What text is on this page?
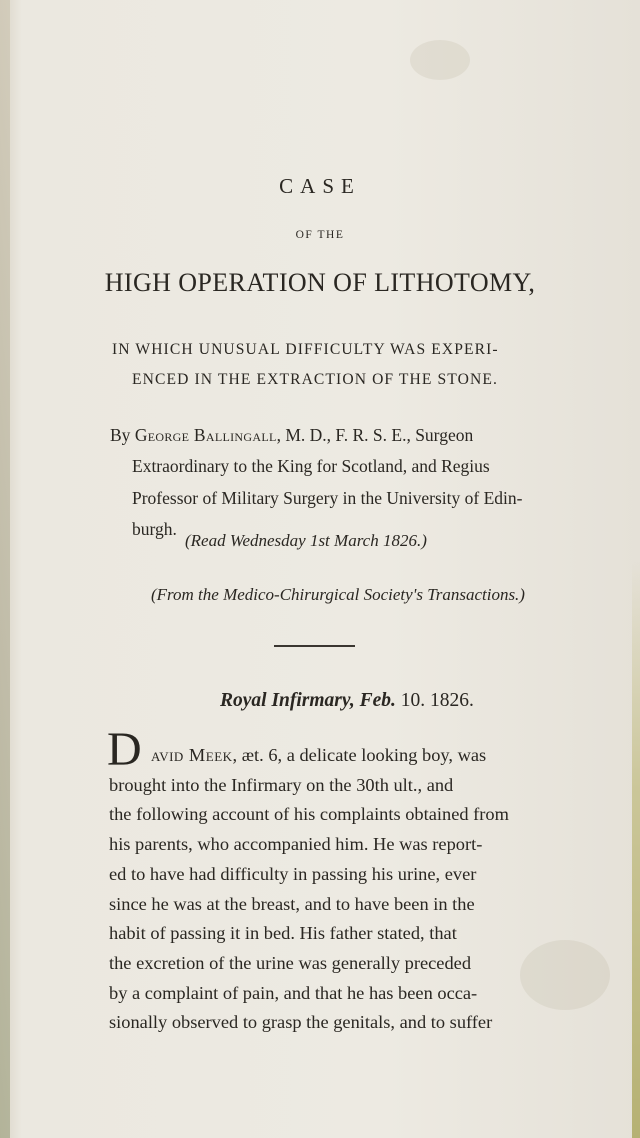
CASE
OF THE
HIGH OPERATION OF LITHOTOMY,
IN WHICH UNUSUAL DIFFICULTY WAS EXPERI-
ENCED IN THE EXTRACTION OF THE STONE.
By George Ballingall, M. D., F. R. S. E., Surgeon
Extraordinary to the King for Scotland, and Regius
Professor of Military Surgery in the University of Edin-
burgh.
(Read Wednesday 1st March 1826.)
(From the Medico-Chirurgical Society's Transactions.)
Royal Infirmary, Feb. 10. 1826.
D avid Meek, æt. 6, a delicate looking boy, was
brought into the Infirmary on the 30th ult., and
the following account of his complaints obtained from
his parents, who accompanied him. He was report-
ed to have had difficulty in passing his urine, ever
since he was at the breast, and to have been in the
habit of passing it in bed. His father stated, that
the excretion of the urine was generally preceded
by a complaint of pain, and that he has been occa-
sionally observed to grasp the genitals, and to suffer
